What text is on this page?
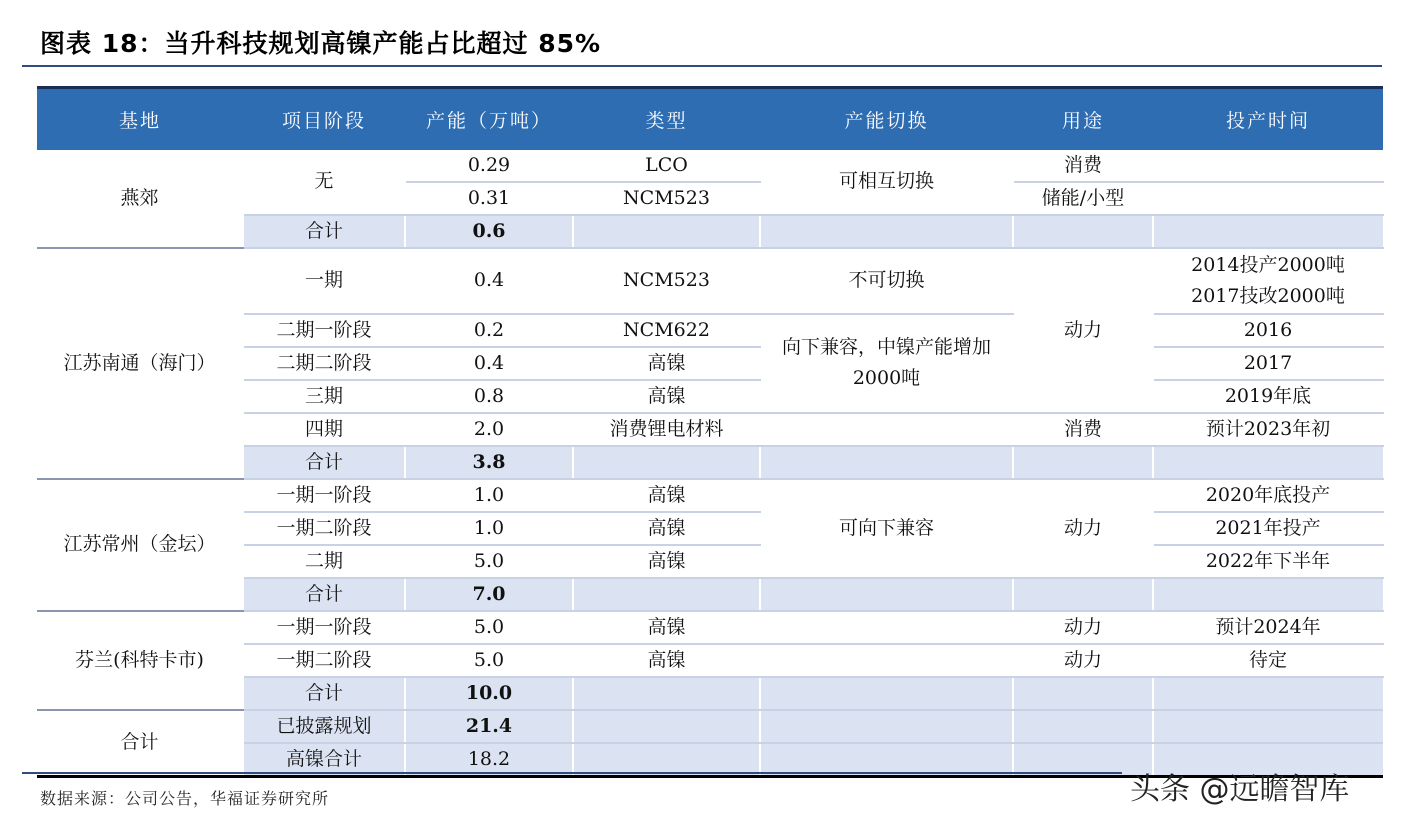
图表 18：当升科技规划高镍产能占比超过 85%
基地	项目阶段	产能（万吨）	类型	产能切换	用途	投产时间
燕郊	无	0.29	LCO	可相互切换	消费	
		0.31	NCM523		储能/小型	
	合计	0.6				
江苏南通（海门）	一期	0.4	NCM523	不可切换	动力	2014投产2000吨
2017技改2000吨
	二期一阶段	0.2	NCM622	向下兼容，中镍产能增加2000吨		2016
	二期二阶段	0.4	高镍			2017
	三期	0.8	高镍			2019年底
	四期	2.0	消费锂电材料		消费	预计2023年初
	合计	3.8				
江苏常州（金坛）	一期一阶段	1.0	高镍	可向下兼容	动力	2020年底投产
	一期二阶段	1.0	高镍			2021年投产
	二期	5.0	高镍			2022年下半年
	合计	7.0				
芬兰(科特卡市)	一期一阶段	5.0	高镍		动力	预计2024年
	一期二阶段	5.0	高镍		动力	待定
	合计	10.0				
合计	已披露规划	21.4				
	高镍合计	18.2				
数据来源：公司公告，华福证券研究所	头条 @远瞻智库
